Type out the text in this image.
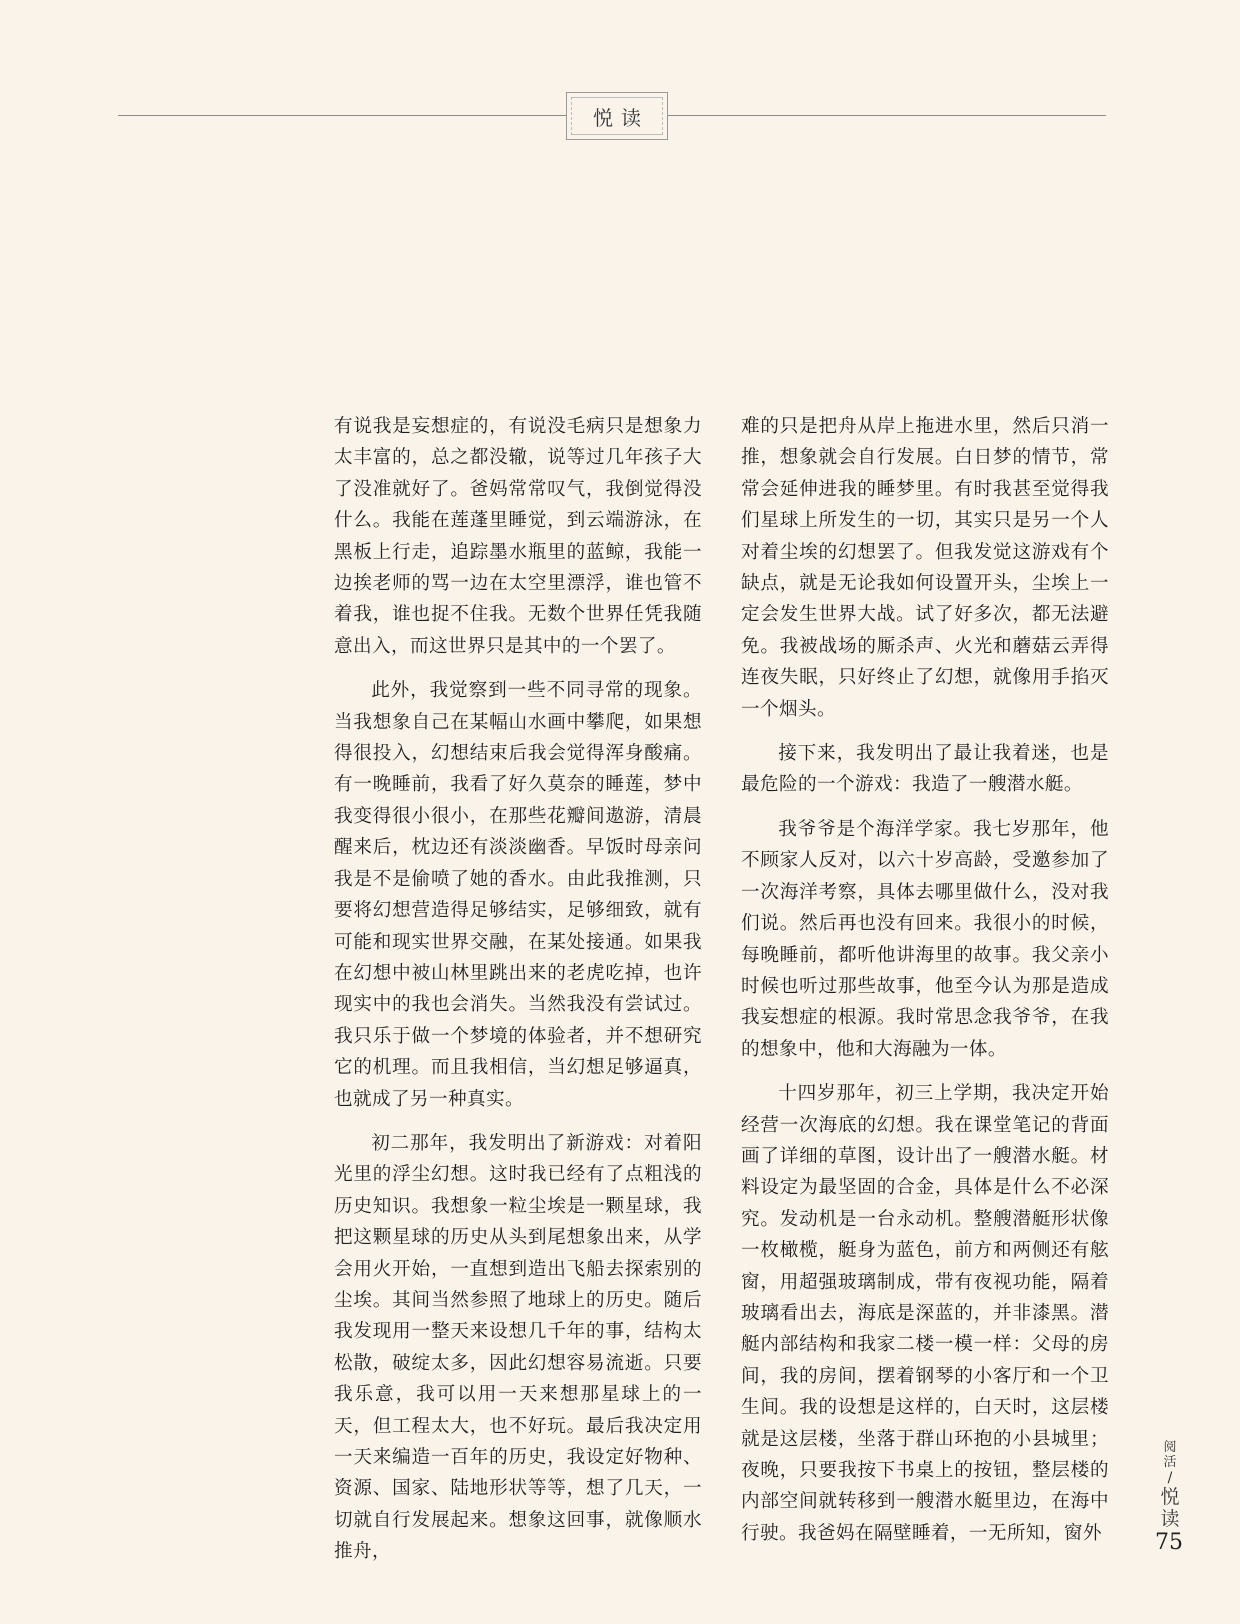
悦读

有说我是妄想症的，有说没毛病只是想象力太丰富的，总之都没辙，说等过几年孩子大了没准就好了。爸妈常常叹气，我倒觉得没什么。我能在莲蓬里睡觉，到云端游泳，在黑板上行走，追踪墨水瓶里的蓝鲸，我能一边挨老师的骂一边在太空里漂浮，谁也管不着我，谁也捉不住我。无数个世界任凭我随意出入，而这世界只是其中的一个罢了。

此外，我觉察到一些不同寻常的现象。当我想象自己在某幅山水画中攀爬，如果想得很投入，幻想结束后我会觉得浑身酸痛。有一晚睡前，我看了好久莫奈的睡莲，梦中我变得很小很小，在那些花瓣间遨游，清晨醒来后，枕边还有淡淡幽香。早饭时母亲问我是不是偷喷了她的香水。由此我推测，只要将幻想营造得足够结实，足够细致，就有可能和现实世界交融，在某处接通。如果我在幻想中被山林里跳出来的老虎吃掉，也许现实中的我也会消失。当然我没有尝试过。我只乐于做一个梦境的体验者，并不想研究它的机理。而且我相信，当幻想足够逼真，也就成了另一种真实。

初二那年，我发明出了新游戏：对着阳光里的浮尘幻想。这时我已经有了点粗浅的历史知识。我想象一粒尘埃是一颗星球，我把这颗星球的历史从头到尾想象出来，从学会用火开始，一直想到造出飞船去探索别的尘埃。其间当然参照了地球上的历史。随后我发现用一整天来设想几千年的事，结构太松散，破绽太多，因此幻想容易流逝。只要我乐意，我可以用一天来想那星球上的一天，但工程太大，也不好玩。最后我决定用一天来编造一百年的历史，我设定好物种、资源、国家、陆地形状等等，想了几天，一切就自行发展起来。想象这回事，就像顺水推舟，

难的只是把舟从岸上拖进水里，然后只消一推，想象就会自行发展。白日梦的情节，常常会延伸进我的睡梦里。有时我甚至觉得我们星球上所发生的一切，其实只是另一个人对着尘埃的幻想罢了。但我发觉这游戏有个缺点，就是无论我如何设置开头，尘埃上一定会发生世界大战。试了好多次，都无法避免。我被战场的厮杀声、火光和蘑菇云弄得连夜失眠，只好终止了幻想，就像用手掐灭一个烟头。

接下来，我发明出了最让我着迷，也是最危险的一个游戏：我造了一艘潜水艇。

我爷爷是个海洋学家。我七岁那年，他不顾家人反对，以六十岁高龄，受邀参加了一次海洋考察，具体去哪里做什么，没对我们说。然后再也没有回来。我很小的时候，每晚睡前，都听他讲海里的故事。我父亲小时候也听过那些故事，他至今认为那是造成我妄想症的根源。我时常思念我爷爷，在我的想象中，他和大海融为一体。

十四岁那年，初三上学期，我决定开始经营一次海底的幻想。我在课堂笔记的背面画了详细的草图，设计出了一艘潜水艇。材料设定为最坚固的合金，具体是什么不必深究。发动机是一台永动机。整艘潜艇形状像一枚橄榄，艇身为蓝色，前方和两侧还有舷窗，用超强玻璃制成，带有夜视功能，隔着玻璃看出去，海底是深蓝的，并非漆黑。潜艇内部结构和我家二楼一模一样：父母的房间，我的房间，摆着钢琴的小客厅和一个卫生间。我的设想是这样的，白天时，这层楼就是这层楼，坐落于群山环抱的小县城里；夜晚，只要我按下书桌上的按钮，整层楼的内部空间就转移到一艘潜水艇里边，在海中行驶。我爸妈在隔壁睡着，一无所知，窗外

阅活
/
悦读
75
